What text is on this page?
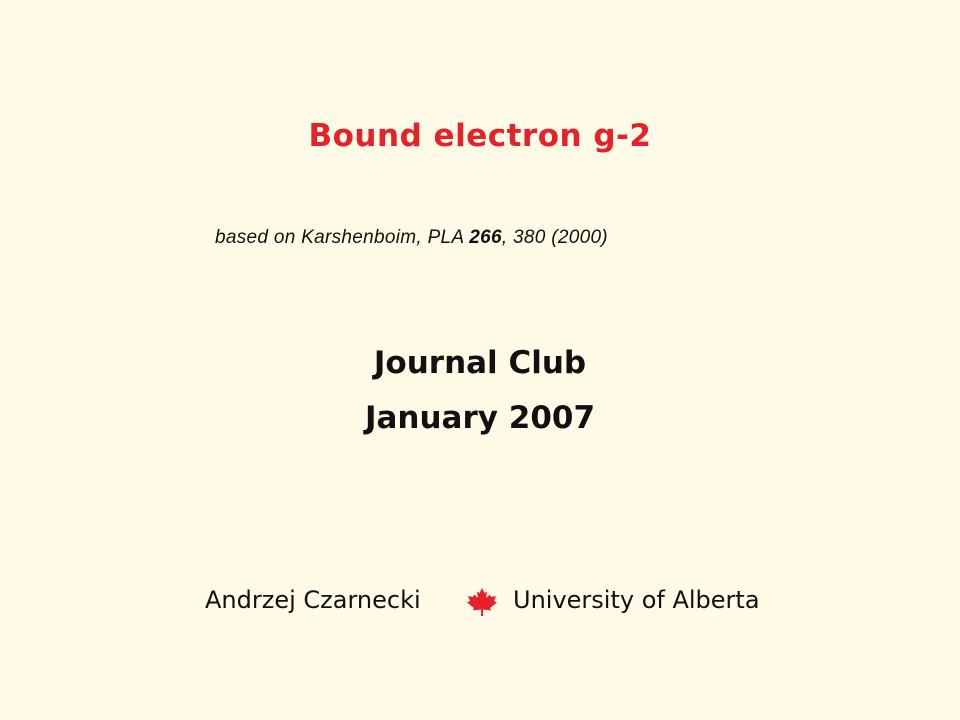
Bound electron g-2
based on Karshenboim, PLA 266, 380 (2000)
Journal Club
January 2007
Andrzej Czarnecki	University of Alberta
